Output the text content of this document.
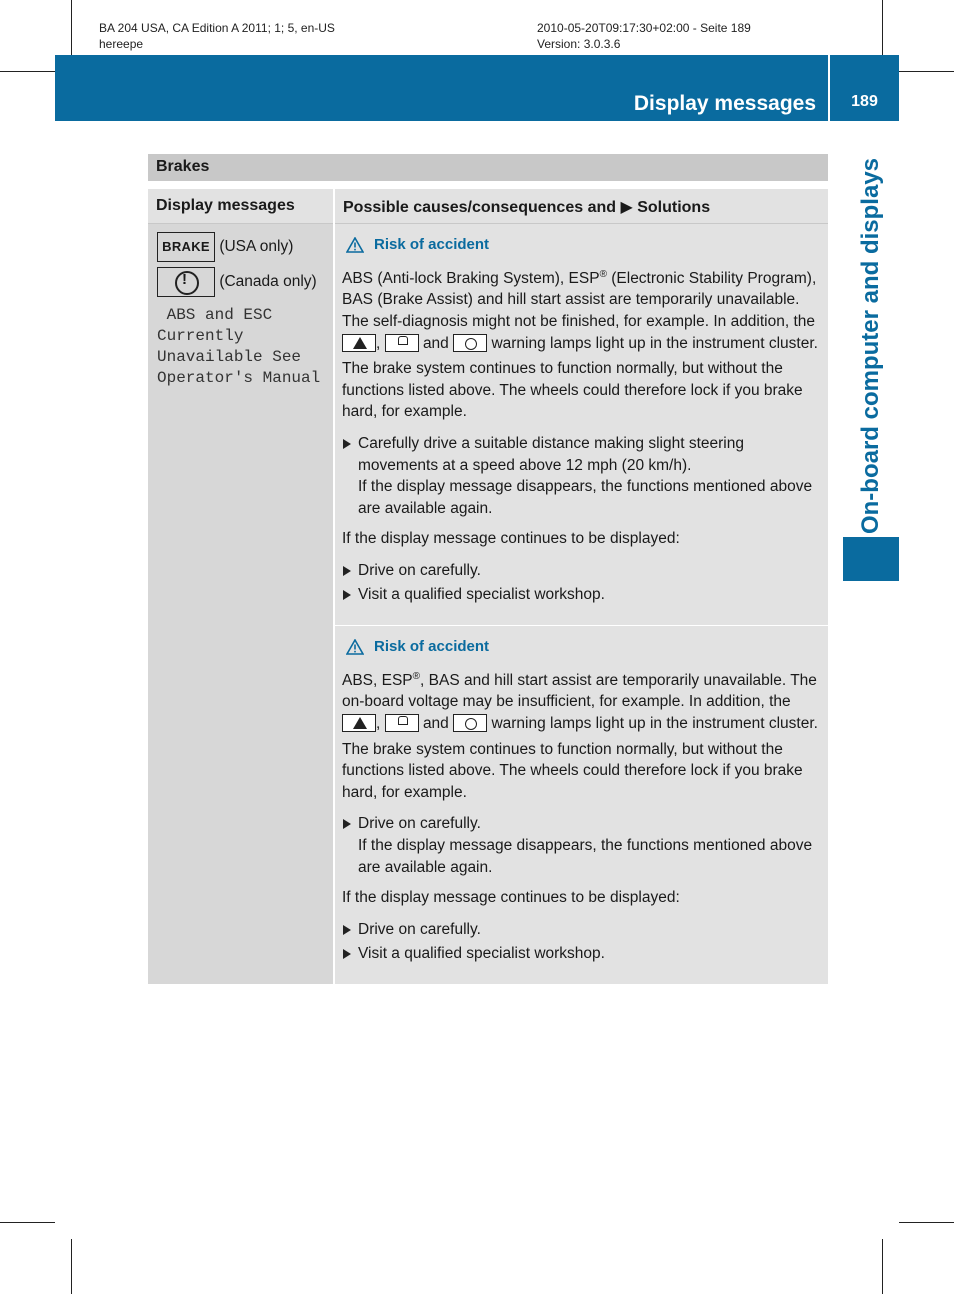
BA 204 USA, CA Edition A 2011; 1; 5, en-US
hereepe
2010-05-20T09:17:30+02:00 - Seite 189
Version: 3.0.3.6
Display messages	189
On-board computer and displays
Brakes
Display messages	Possible causes/consequences and ▶ Solutions
BRAKE (USA only)
! (Canada only)
ABS and ESC
Currently
Unavailable See
Operator's Manual
Risk of accident

ABS (Anti-lock Braking System), ESP® (Electronic Stability Program), BAS (Brake Assist) and hill start assist are temporarily unavailable. The self-diagnosis might not be finished, for example. In addition, the ,	and	warning lamps light up in the instrument cluster.

The brake system continues to function normally, but without the functions listed above. The wheels could therefore lock if you brake hard, for example.

Carefully drive a suitable distance making slight steering movements at a speed above 12 mph (20 km/h).
If the display message disappears, the functions mentioned above are available again.

If the display message continues to be displayed:

Drive on carefully.
Visit a qualified specialist workshop.
Risk of accident

ABS, ESP®, BAS and hill start assist are temporarily unavailable. The on-board voltage may be insufficient, for example. In addition, the ,	and	warning lamps light up in the instrument cluster.

The brake system continues to function normally, but without the functions listed above. The wheels could therefore lock if you brake hard, for example.

Drive on carefully.
If the display message disappears, the functions mentioned above are available again.

If the display message continues to be displayed:

Drive on carefully.
Visit a qualified specialist workshop.
